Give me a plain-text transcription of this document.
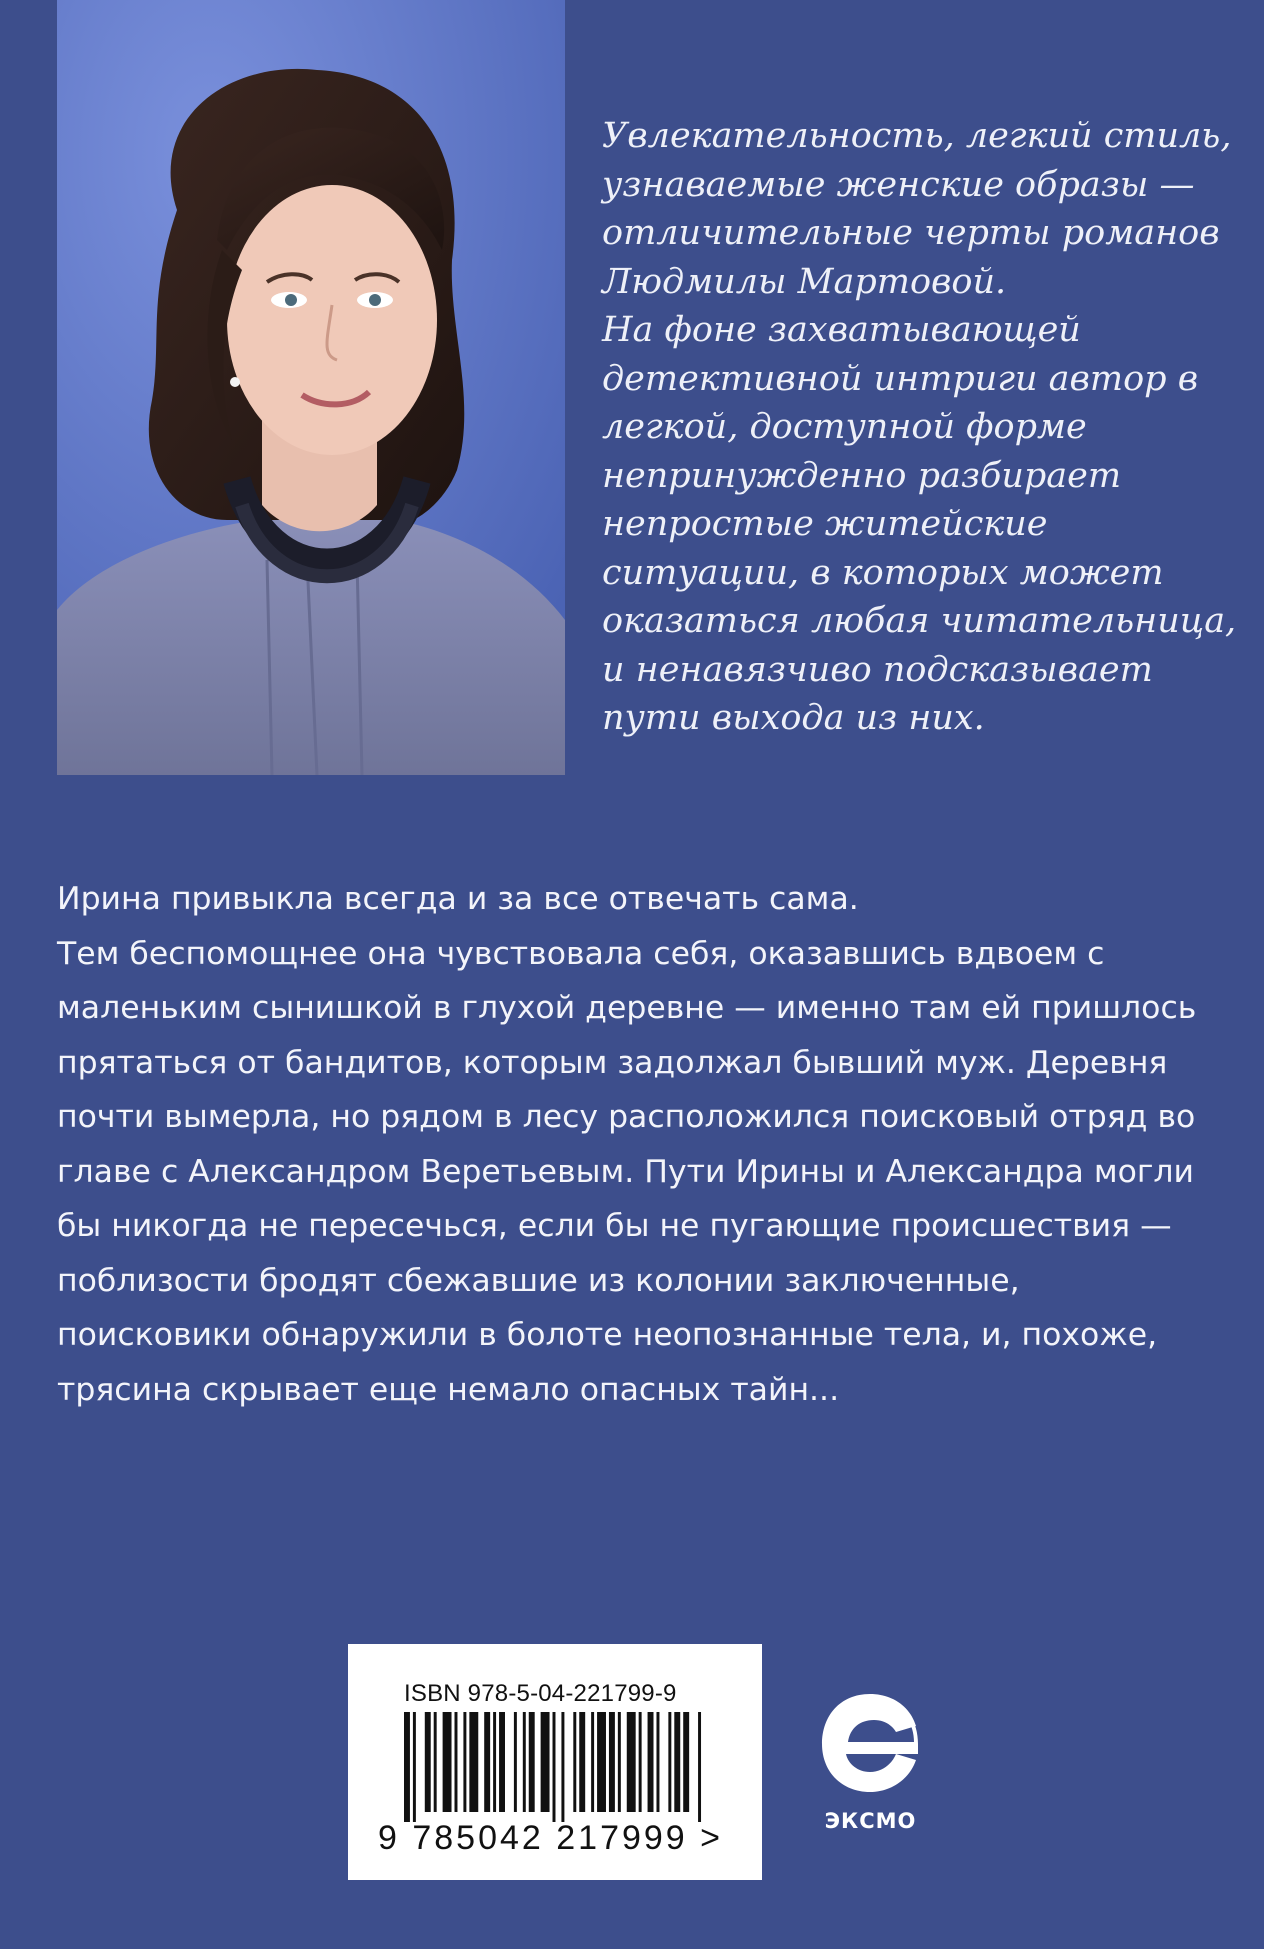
Увлекательность, легкий стиль, узнаваемые женские образы — отличительные черты романов Людмилы Мартовой.

На фоне захватывающей детективной интриги автор в легкой, доступной форме непринужденно разбирает непростые житейские ситуации, в которых может оказаться любая читательница, и ненавязчиво подсказывает пути выхода из них.

Ирина привыкла всегда и за все отвечать сама.

Тем беспомощнее она чувствовала себя, оказавшись вдвоем с маленьким сынишкой в глухой деревне — именно там ей пришлось прятаться от бандитов, которым задолжал бывший муж. Деревня почти вымерла, но рядом в лесу расположился поисковый отряд во главе с Александром Веретьевым. Пути Ирины и Александра могли бы никогда не пересечься, если бы не пугающие происшествия — поблизости бродят сбежавшие из колонии заключенные, поисковики обнаружили в болоте неопознанные тела, и, похоже, трясина скрывает еще немало опасных тайн...

ISBN 978-5-04-221799-9
9 785042 217999 >	ЭКСМО
